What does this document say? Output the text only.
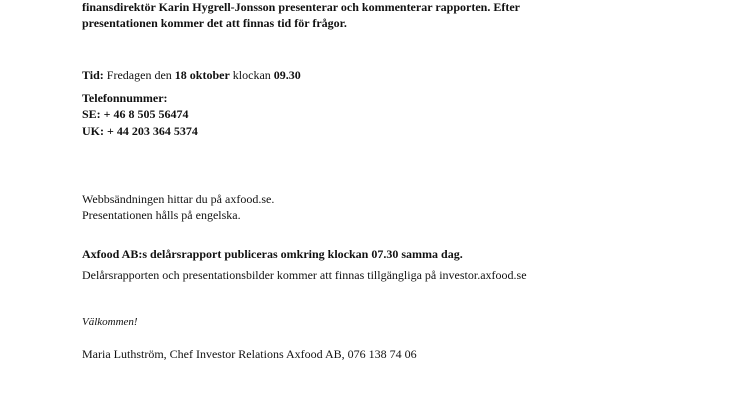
finansdirektör Karin Hygrell-Jonsson presenterar och kommenterar rapporten. Efter
presentationen kommer det att finnas tid för frågor.
Tid: Fredagen den 18 oktober klockan 09.30
Telefonnummer:
SE: + 46 8 505 56474
UK: + 44 203 364 5374
Webbsändningen hittar du på axfood.se.
Presentationen hålls på engelska.
Axfood AB:s delårsrapport publiceras omkring klockan 07.30 samma dag.
Delårsrapporten och presentationsbilder kommer att finnas tillgängliga på investor.axfood.se
Välkommen!
Maria Luthström, Chef Investor Relations Axfood AB, 076 138 74 06
